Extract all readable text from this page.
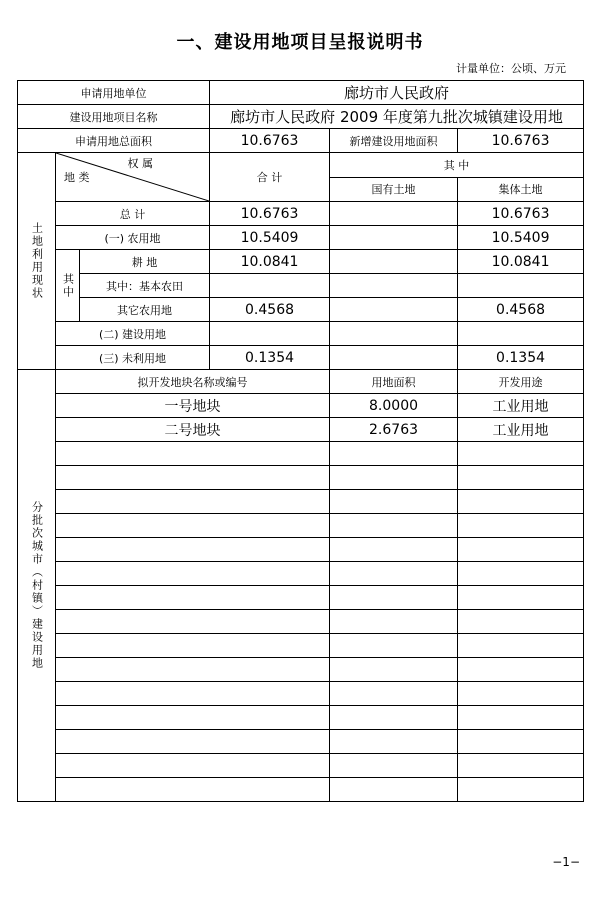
一、建设用地项目呈报说明书
计量单位：公顷、万元
申请用地单位			廊坊市人民政府		
建设用地项目名称			廊坊市人民政府 2009 年度第九批次城镇建设用地		
申请用地总面积			10.6763	新增建设用地面积	10.6763

土地利用现状	权 属
地 类		合 计	其 中	
				国有土地	集体土地
	总 计		10.6763		10.6763
	(一) 农用地		10.5409		10.5409

	其中	耕 地	10.0841		10.0841
		其中：基本农田			
		其它农用地	0.4568		0.4568
	(二) 建设用地				
	(三) 未利用地		0.1354		0.1354

分批次城市（村镇）建设用地	拟开发地块名称或编号			用地面积	开发用途
	一号地块			8.0000	工业用地
	二号地块			2.6763	工业用地

−1−
